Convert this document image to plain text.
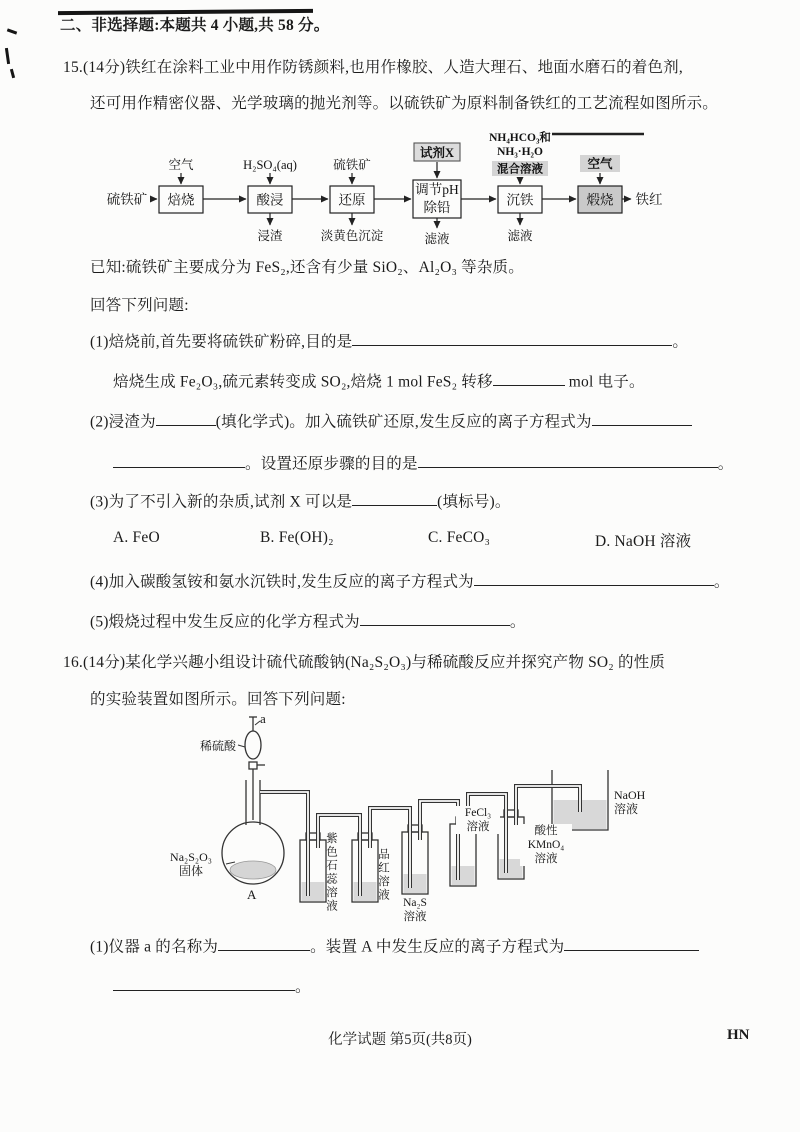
二、非选择题:本题共 4 小题,共 58 分。
15.(14分)铁红在涂料工业中用作防锈颜料,也用作橡胶、人造大理石、地面水磨石的着色剂,
还可用作精密仪器、光学玻璃的抛光剂等。以硫铁矿为原料制备铁红的工艺流程如图所示。
硫铁矿 焙烧	酸浸	还原
调节pH
除铅	沉铁	煅烧 铁红
空气	H₂SO₄(aq)	硫铁矿
试剂X
空气
浸渣	淡黄色沉淀	滤液	滤液
NH₄HCO₃和
NH₃·H₂O
混合溶液
已知:硫铁矿主要成分为 FeS₂,还含有少量 SiO₂、Al₂O₃ 等杂质。
回答下列问题:
(1)焙烧前,首先要将硫铁矿粉碎,目的是	。
焙烧生成 Fe₂O₃,硫元素转变成 SO₂,焙烧 1 mol FeS₂ 转移	mol 电子。
(2)浸渣为	(填化学式)。加入硫铁矿还原,发生反应的离子方程式为
。设置还原步骤的目的是	。
(3)为了不引入新的杂质,试剂 X 可以是	(填标号)。
A. FeO	B. Fe(OH)₂	C. FeCO₃	D. NaOH 溶液
(4)加入碳酸氢铵和氨水沉铁时,发生反应的离子方程式为	。
(5)煅烧过程中发生反应的化学方程式为	。
16.(14分)某化学兴趣小组设计硫代硫酸钠(Na₂S₂O₃)与稀硫酸反应并探究产物 SO₂ 的性质
的实验装置如图所示。回答下列问题:
a
稀硫酸
Na₂S₂O₃
固体
A	紫色石蕊溶液	品红溶液
Na₂S
溶液
FeCl₃
溶液	酸性
KMnO₄
溶液
NaOH
溶液
(1)仪器 a 的名称为	。装置 A 中发生反应的离子方程式为
。
化学试题 第5页(共8页)	HN
